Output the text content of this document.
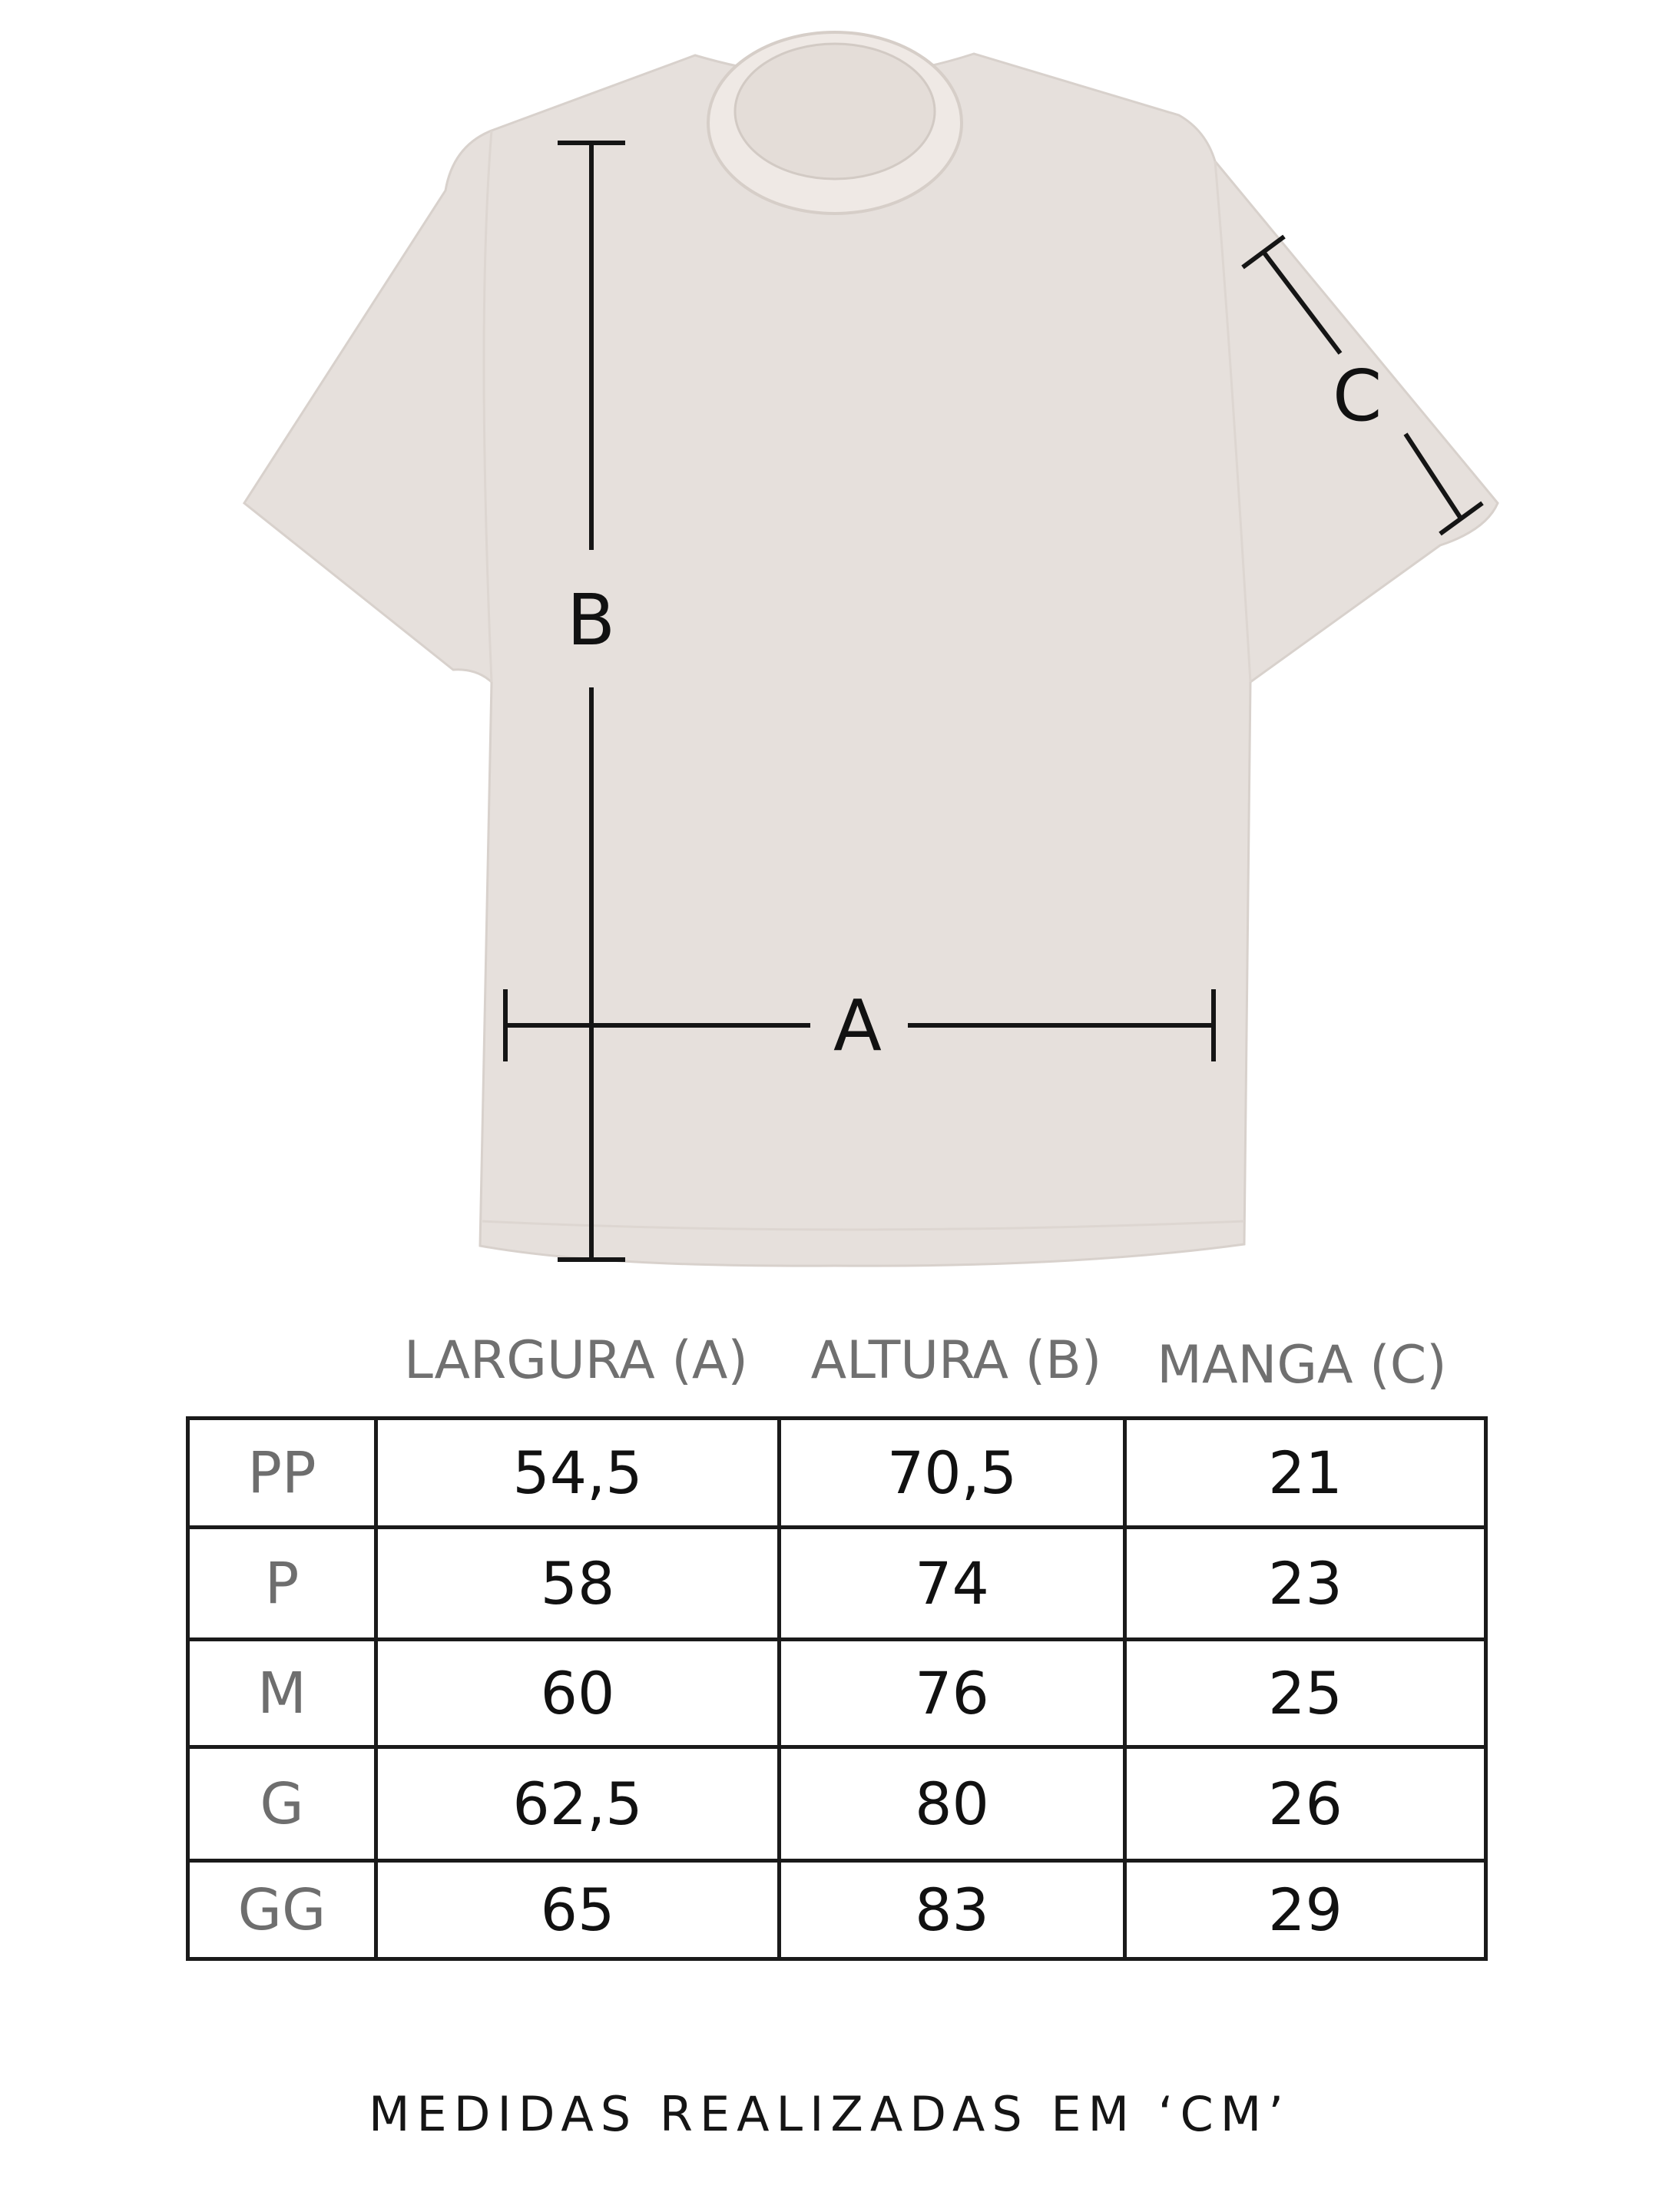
B
A
C
LARGURA (A)	ALTURA (B)	MANGA (C)
PP	54,5	70,5	21
P	58	74	23
M	60	76	25
G	62,5	80	26
GG	65	83	29
MEDIDAS REALIZADAS EM ‘CM’
